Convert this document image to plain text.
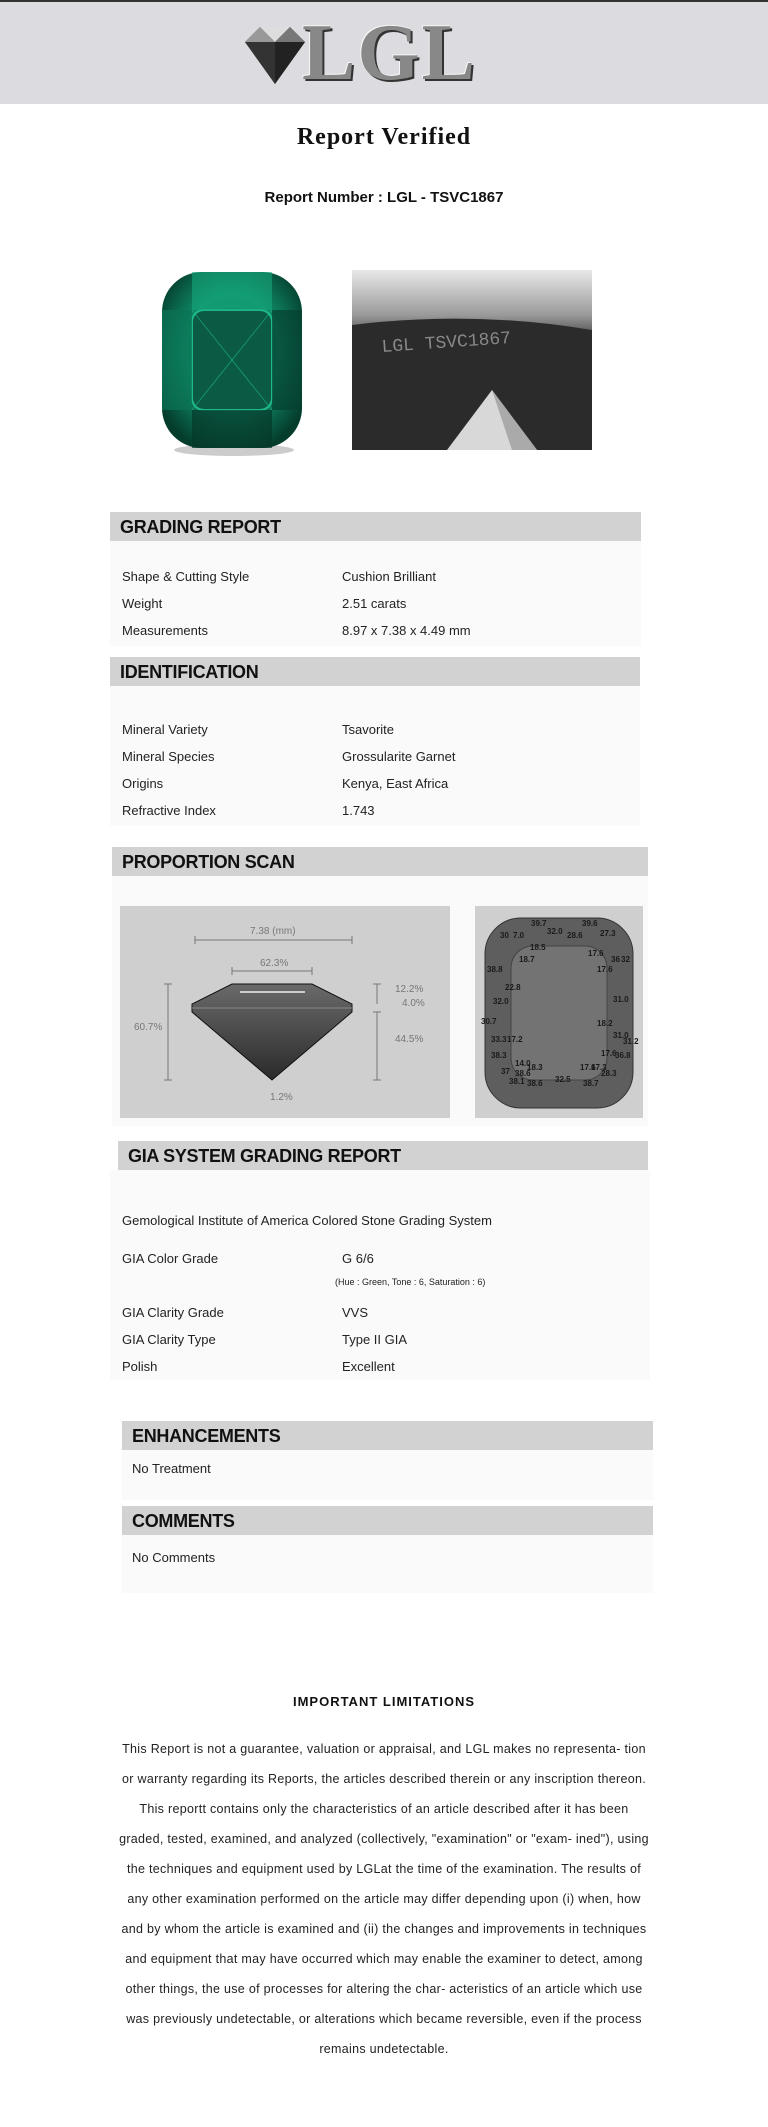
LGL
Report Verified
Report Number : LGL - TSVC1867
LGL TSVC1867
GRADING REPORT
Shape & Cutting Style	Cushion Brilliant
Weight	2.51 carats
Measurements	8.97 x 7.38 x 4.49 mm
IDENTIFICATION
Mineral Variety	Tsavorite
Mineral Species	Grossularite Garnet
Origins	Kenya, East Africa
Refractive Index	1.743
PROPORTION SCAN
7.38 (mm)
62.3%
60.7%
12.2%
4.0%
44.5%
1.2%
39.7
30 7.0	32.0
39.6
28.6 27.3
18.5
17.6
18.7
38.8	17.6
36 32
22.8
32.0	31.0
30.7	18.2
33.3 17.2	31.0
31.2
38.3	17.6
36.8
14.0	17.6
17.3
37 38.6
18.3
28.3
38.1	32.5
38.6	38.7
GIA SYSTEM GRADING REPORT
Gemological Institute of America Colored Stone Grading System
GIA Color Grade	G 6/6
(Hue : Green, Tone : 6, Saturation : 6)
GIA Clarity Grade	VVS
GIA Clarity Type	Type II GIA
Polish	Excellent
ENHANCEMENTS
No Treatment
COMMENTS
No Comments
IMPORTANT LIMITATIONS
This Report is not a guarantee, valuation or appraisal, and LGL makes no representa- tion or warranty regarding its Reports, the articles described therein or any inscription thereon. This reportt contains only the characteristics of an article described after it has been graded, tested, examined, and analyzed (collectively, "examination" or "exam- ined"), using the techniques and equipment used by LGLat the time of the examination. The results of any other examination performed on the article may differ depending upon (i) when, how and by whom the article is examined and (ii) the changes and improvements in techniques and equipment that may have occurred which may enable the examiner to detect, among other things, the use of processes for altering the char- acteristics of an article which use was previously undetectable, or alterations which became reversible, even if the process remains undetectable.
